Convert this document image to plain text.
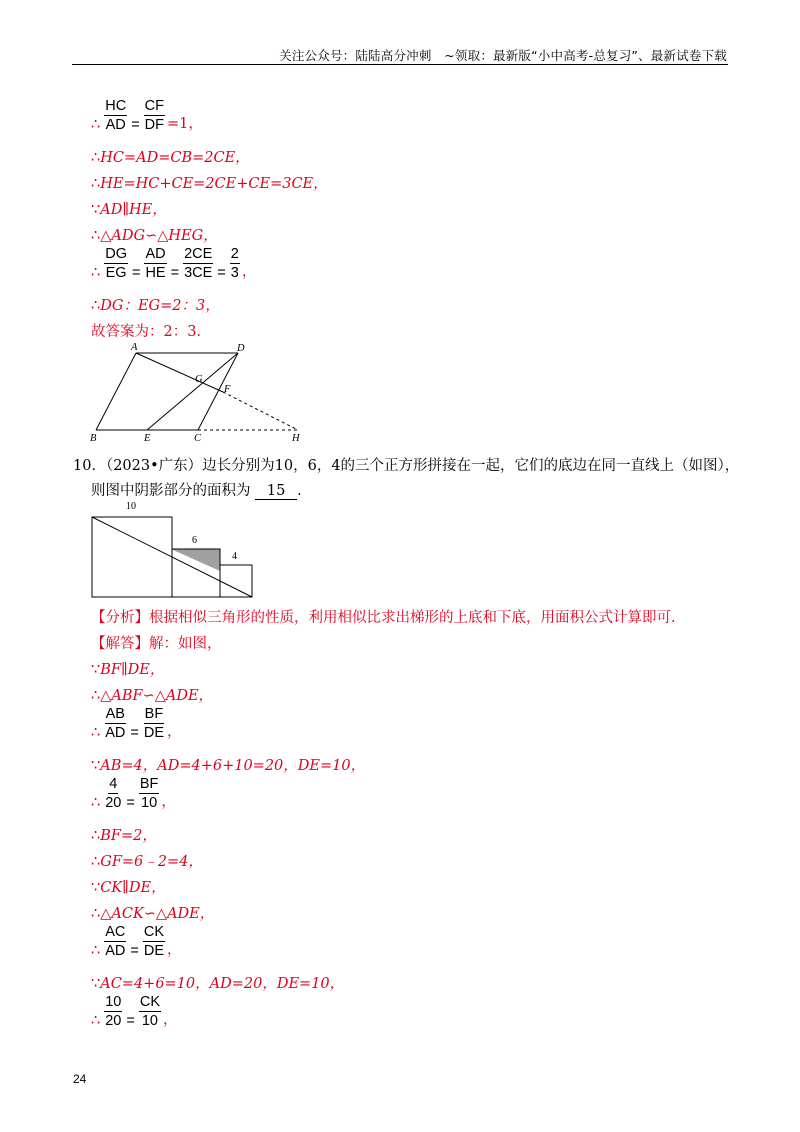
关注公众号：陆陆高分冲刺　~领取：最新版“小中高考-总复习”、最新试卷下载
∴ $\frac{HC}{AD} = \frac{CF}{DF} =1$，
∴HC=AD=CB=2CE，
∴HE=HC+CE=2CE+CE=3CE，
∵AD∥HE，
∴△ADG∽△HEG，
∴ $\frac{DG}{EG} = \frac{AD}{HE} = \frac{2CE}{3CE} = \frac{2}{3}$ ，
∴DG：EG=2：3，
故答案为：2：3．
A	D
G
F
B	E	C	H
10．（2023•广东）边长分别为10，6，4的三个正方形拼接在一起，它们的底边在同一直线上（如图），
则图中阴影部分的面积为 15 ．
10
6
4
【分析】根据相似三角形的性质，利用相似比求出梯形的上底和下底，用面积公式计算即可．
【解答】解：如图，
∵BF∥DE，
∴△ABF∽△ADE，
∴ $\frac{AB}{AD} = \frac{BF}{DE}$ ，
∵AB=4，AD=4+6+10=20，DE=10，
∴ $\frac{4}{20} = \frac{BF}{10}$ ，
∴BF=2，
∴GF=6﹣2=4，
∵CK∥DE，
∴△ACK∽△ADE，
∴ $\frac{AC}{AD} = \frac{CK}{DE}$ ，
∵AC=4+6=10，AD=20，DE=10，
∴ $\frac{10}{20} = \frac{CK}{10}$ ，
24
